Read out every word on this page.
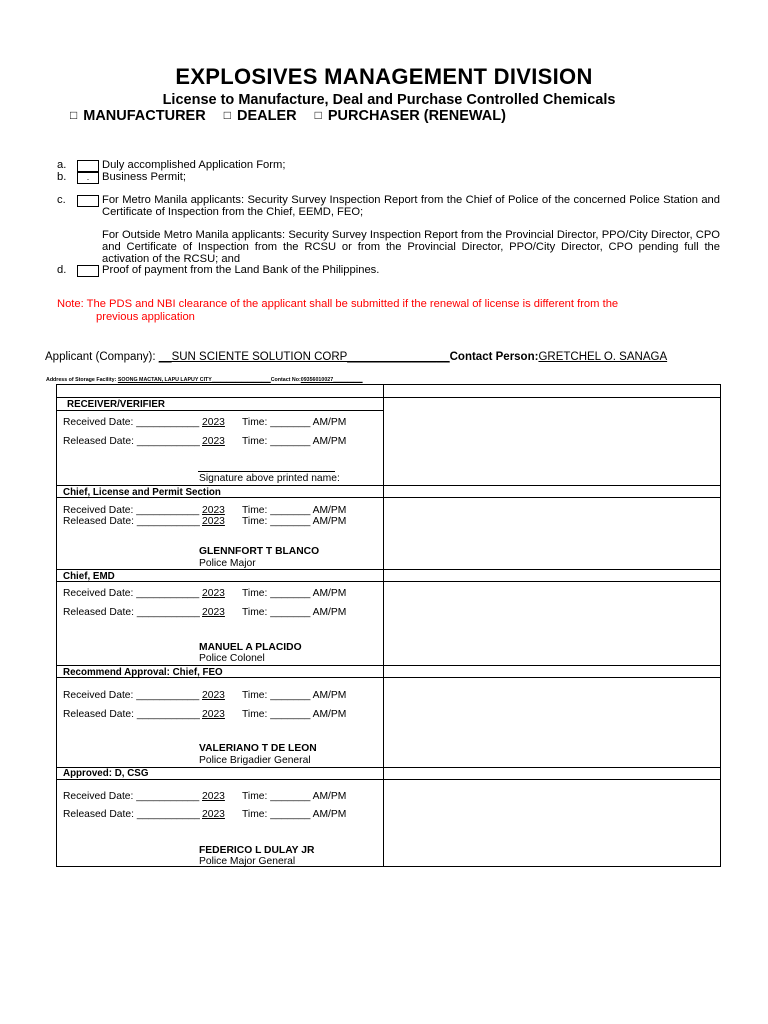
EXPLOSIVES MANAGEMENT DIVISION
License to Manufacture, Deal and Purchase Controlled Chemicals
□ MANUFACTURER □ DEALER □ PURCHASER (RENEWAL)
a.	Duly accomplished Application Form;
b.	.	Business Permit;
c.	For Metro Manila applicants: Security Survey Inspection Report from the Chief of Police of the concerned Police Station and Certificate of Inspection from the Chief, EEMD, FEO;
For Outside Metro Manila applicants: Security Survey Inspection Report from the Provincial Director, PPO/City Director, CPO and Certificate of Inspection from the RCSU or from the Provincial Director, PPO/City Director, CPO pending full the activation of the RCSU; and
d.	Proof of payment from the Land Bank of the Philippines.
Note: The PDS and NBI clearance of the applicant shall be submitted if the renewal of license is different from the
previous application
Applicant (Company): __SUN SCIENTE SOLUTION CORP________________Contact Person:GRETCHEL O. SANAGA
Address of Storage Facility: SOONG MACTAN, LAPU LAPUY CITY____________________Contact No:09356010027__________
RECEIVER/VERIFIER
Received Date: ___________ 2023 Time: _______ AM/PM
Released Date: ___________ 2023 Time: _______ AM/PM
Signature above printed name:
Chief, License and Permit Section
Received Date: ___________ 2023 Time: _______ AM/PM
Released Date: ___________ 2023 Time: _______ AM/PM
GLENNFORT T BLANCO
Police Major
Chief, EMD
Received Date: ___________ 2023 Time: _______ AM/PM
Released Date: ___________ 2023 Time: _______ AM/PM
MANUEL A PLACIDO
Police Colonel
Recommend Approval: Chief, FEO
Received Date: ___________ 2023 Time: _______ AM/PM
Released Date: ___________ 2023 Time: _______ AM/PM
VALERIANO T DE LEON
Police Brigadier General
Approved: D, CSG
Received Date: ___________ 2023 Time: _______ AM/PM
Released Date: ___________ 2023 Time: _______ AM/PM
FEDERICO L DULAY JR
Police Major General
